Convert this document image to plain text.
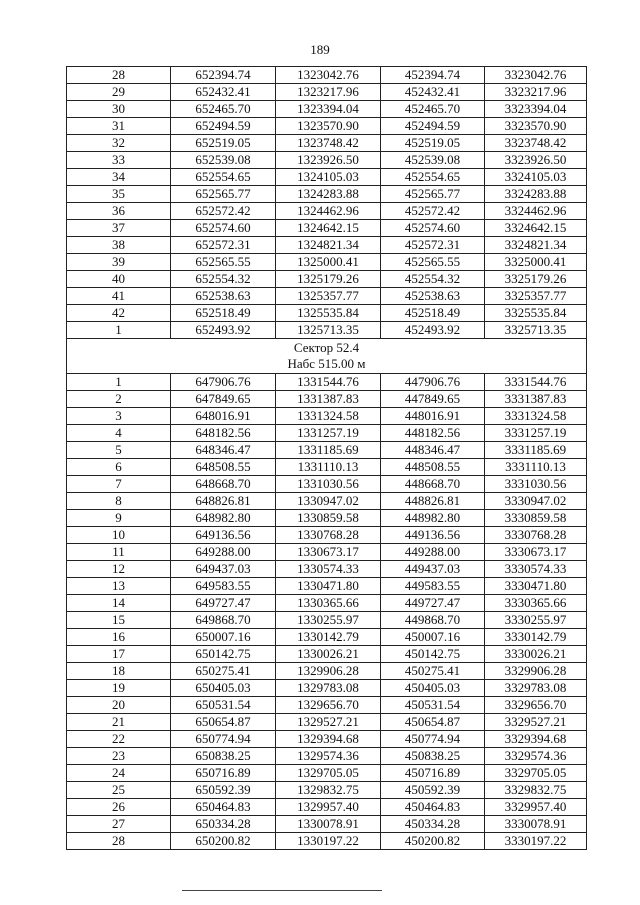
189
28	652394.74	1323042.76	452394.74	3323042.76
29	652432.41	1323217.96	452432.41	3323217.96
30	652465.70	1323394.04	452465.70	3323394.04
31	652494.59	1323570.90	452494.59	3323570.90
32	652519.05	1323748.42	452519.05	3323748.42
33	652539.08	1323926.50	452539.08	3323926.50
34	652554.65	1324105.03	452554.65	3324105.03
35	652565.77	1324283.88	452565.77	3324283.88
36	652572.42	1324462.96	452572.42	3324462.96
37	652574.60	1324642.15	452574.60	3324642.15
38	652572.31	1324821.34	452572.31	3324821.34
39	652565.55	1325000.41	452565.55	3325000.41
40	652554.32	1325179.26	452554.32	3325179.26
41	652538.63	1325357.77	452538.63	3325357.77
42	652518.49	1325535.84	452518.49	3325535.84
1	652493.92	1325713.35	452493.92	3325713.35

Сектор 52.4
Набс 515.00 м				

1	647906.76	1331544.76	447906.76	3331544.76
2	647849.65	1331387.83	447849.65	3331387.83
3	648016.91	1331324.58	448016.91	3331324.58
4	648182.56	1331257.19	448182.56	3331257.19
5	648346.47	1331185.69	448346.47	3331185.69
6	648508.55	1331110.13	448508.55	3331110.13
7	648668.70	1331030.56	448668.70	3331030.56
8	648826.81	1330947.02	448826.81	3330947.02
9	648982.80	1330859.58	448982.80	3330859.58
10	649136.56	1330768.28	449136.56	3330768.28
11	649288.00	1330673.17	449288.00	3330673.17
12	649437.03	1330574.33	449437.03	3330574.33
13	649583.55	1330471.80	449583.55	3330471.80
14	649727.47	1330365.66	449727.47	3330365.66
15	649868.70	1330255.97	449868.70	3330255.97
16	650007.16	1330142.79	450007.16	3330142.79
17	650142.75	1330026.21	450142.75	3330026.21
18	650275.41	1329906.28	450275.41	3329906.28
19	650405.03	1329783.08	450405.03	3329783.08
20	650531.54	1329656.70	450531.54	3329656.70
21	650654.87	1329527.21	450654.87	3329527.21
22	650774.94	1329394.68	450774.94	3329394.68
23	650838.25	1329574.36	450838.25	3329574.36
24	650716.89	1329705.05	450716.89	3329705.05
25	650592.39	1329832.75	450592.39	3329832.75
26	650464.83	1329957.40	450464.83	3329957.40
27	650334.28	1330078.91	450334.28	3330078.91
28	650200.82	1330197.22	450200.82	3330197.22
